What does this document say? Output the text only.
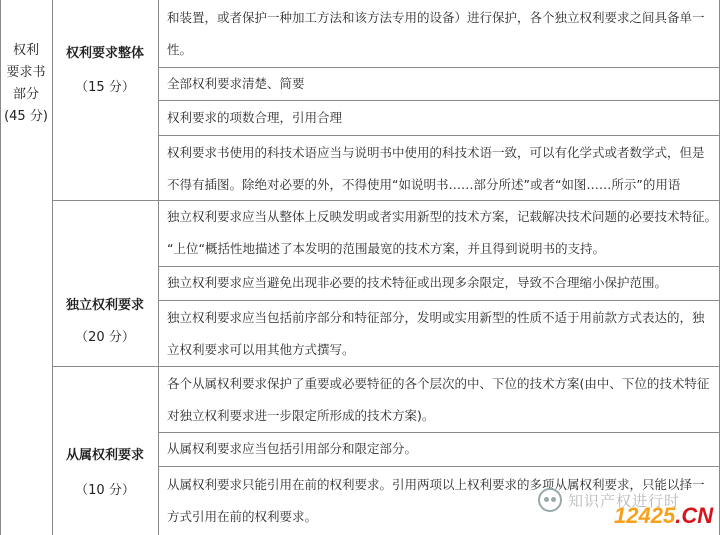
权利
要求书
部分
(45 分)
权利要求整体
（15 分）
独立权利要求
（20 分）
从属权利要求
（10 分）
和装置，或者保护一种加工方法和该方法专用的设备）进行保护，各个独立权利要求之间具备单一
性。
全部权利要求清楚、简要
权利要求的项数合理，引用合理
权利要求书使用的科技术语应当与说明书中使用的科技术语一致，可以有化学式或者数学式，但是
不得有插图。除绝对必要的外，不得使用“如说明书……部分所述”或者“如图……所示”的用语
独立权利要求应当从整体上反映发明或者实用新型的技术方案，记载解决技术问题的必要技术特征。
“上位“概括性地描述了本发明的范围最宽的技术方案，并且得到说明书的支持。
独立权利要求应当避免出现非必要的技术特征或出现多余限定，导致不合理缩小保护范围。
独立权利要求应当包括前序部分和特征部分，发明或实用新型的性质不适于用前款方式表达的，独
立权利要求可以用其他方式撰写。
各个从属权利要求保护了重要或必要特征的各个层次的中、下位的技术方案(由中、下位的技术特征
对独立权利要求进一步限定所形成的技术方案)。
从属权利要求应当包括引用部分和限定部分。
从属权利要求只能引用在前的权利要求。引用两项以上权利要求的多项从属权利要求，只能以择一
方式引用在前的权利要求。
知识产权进行时
12425.CN
